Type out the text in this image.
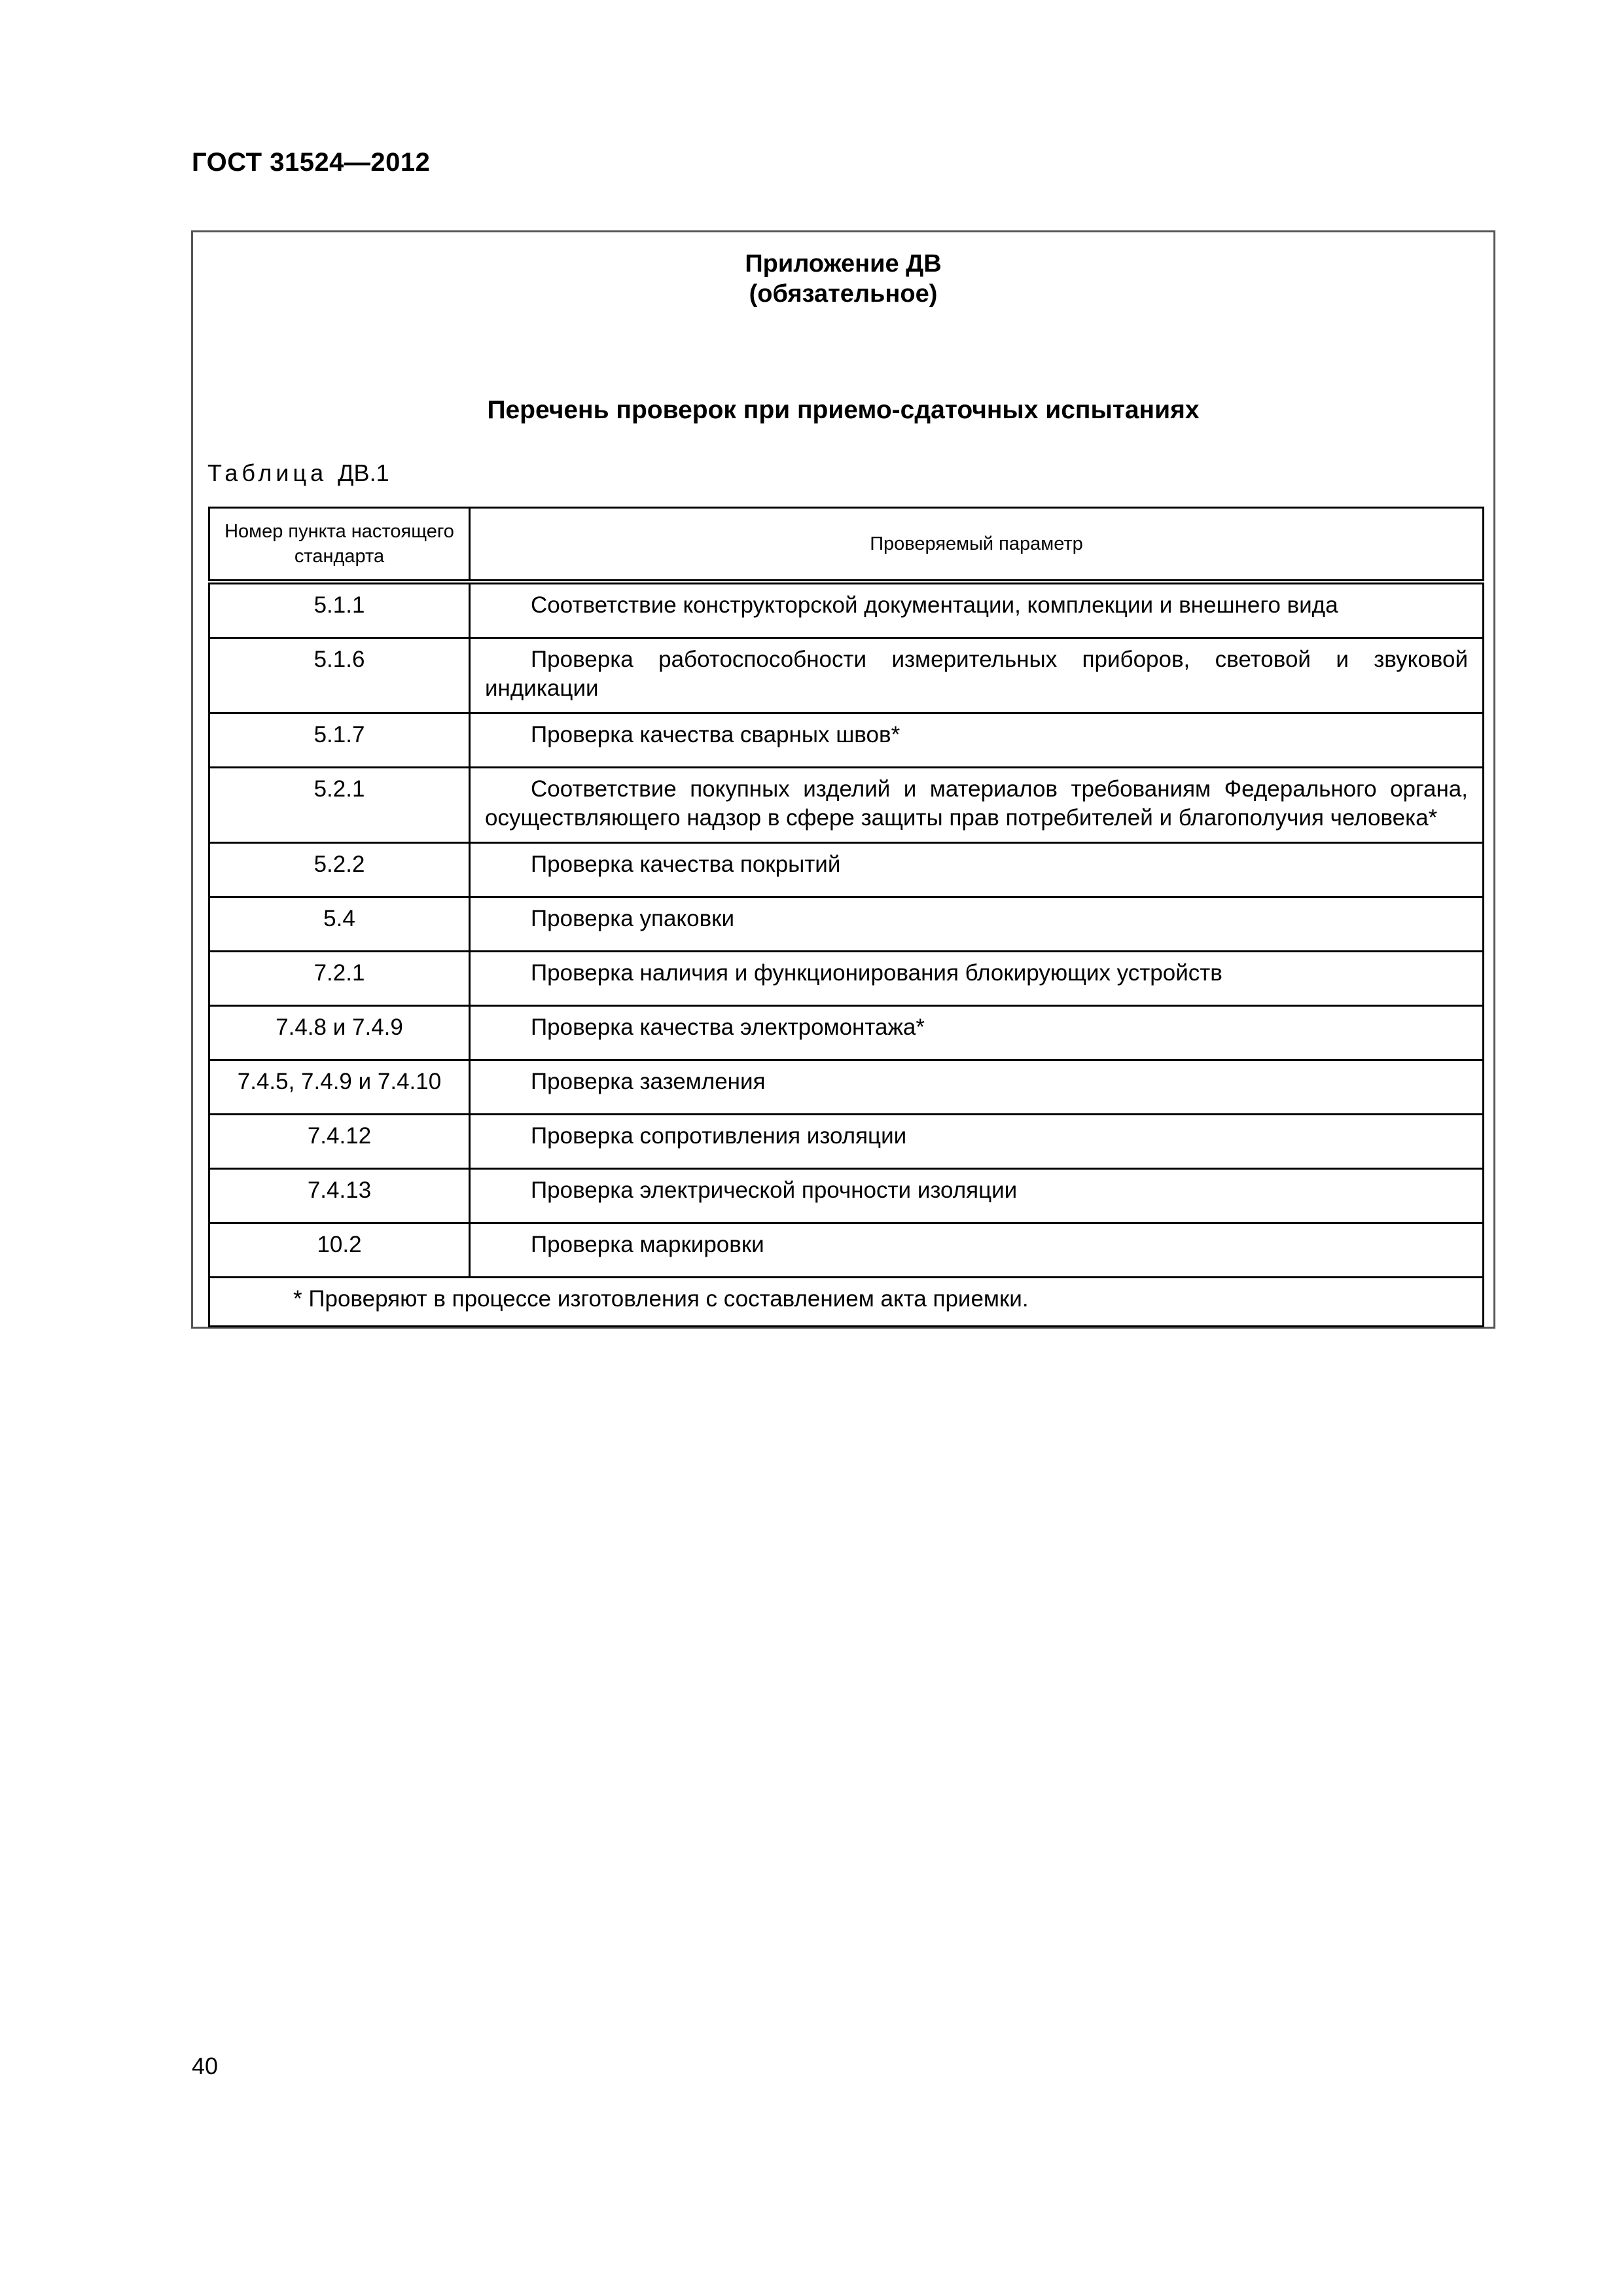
ГОСТ 31524—2012
Приложение ДВ
(обязательное)
Перечень проверок при приемо-сдаточных испытаниях
Таблица ДВ.1
Номер пункта настоящего стандарта	Проверяемый параметр
5.1.1	Соответствие конструкторской документации, комплекции и внешнего вида
5.1.6	Проверка работоспособности измерительных приборов, световой и звуковой индикации
5.1.7	Проверка качества сварных швов*
5.2.1	Соответствие покупных изделий и материалов требованиям Федерального органа, осуществляющего надзор в сфере защиты прав потребителей и благополучия человека*
5.2.2	Проверка качества покрытий
5.4	Проверка упаковки
7.2.1	Проверка наличия и функционирования блокирующих устройств
7.4.8 и 7.4.9	Проверка качества электромонтажа*
7.4.5, 7.4.9 и 7.4.10	Проверка заземления
7.4.12	Проверка сопротивления изоляции
7.4.13	Проверка электрической прочности изоляции
10.2	Проверка маркировки
* Проверяют в процессе изготовления с составлением акта приемки.	
40
